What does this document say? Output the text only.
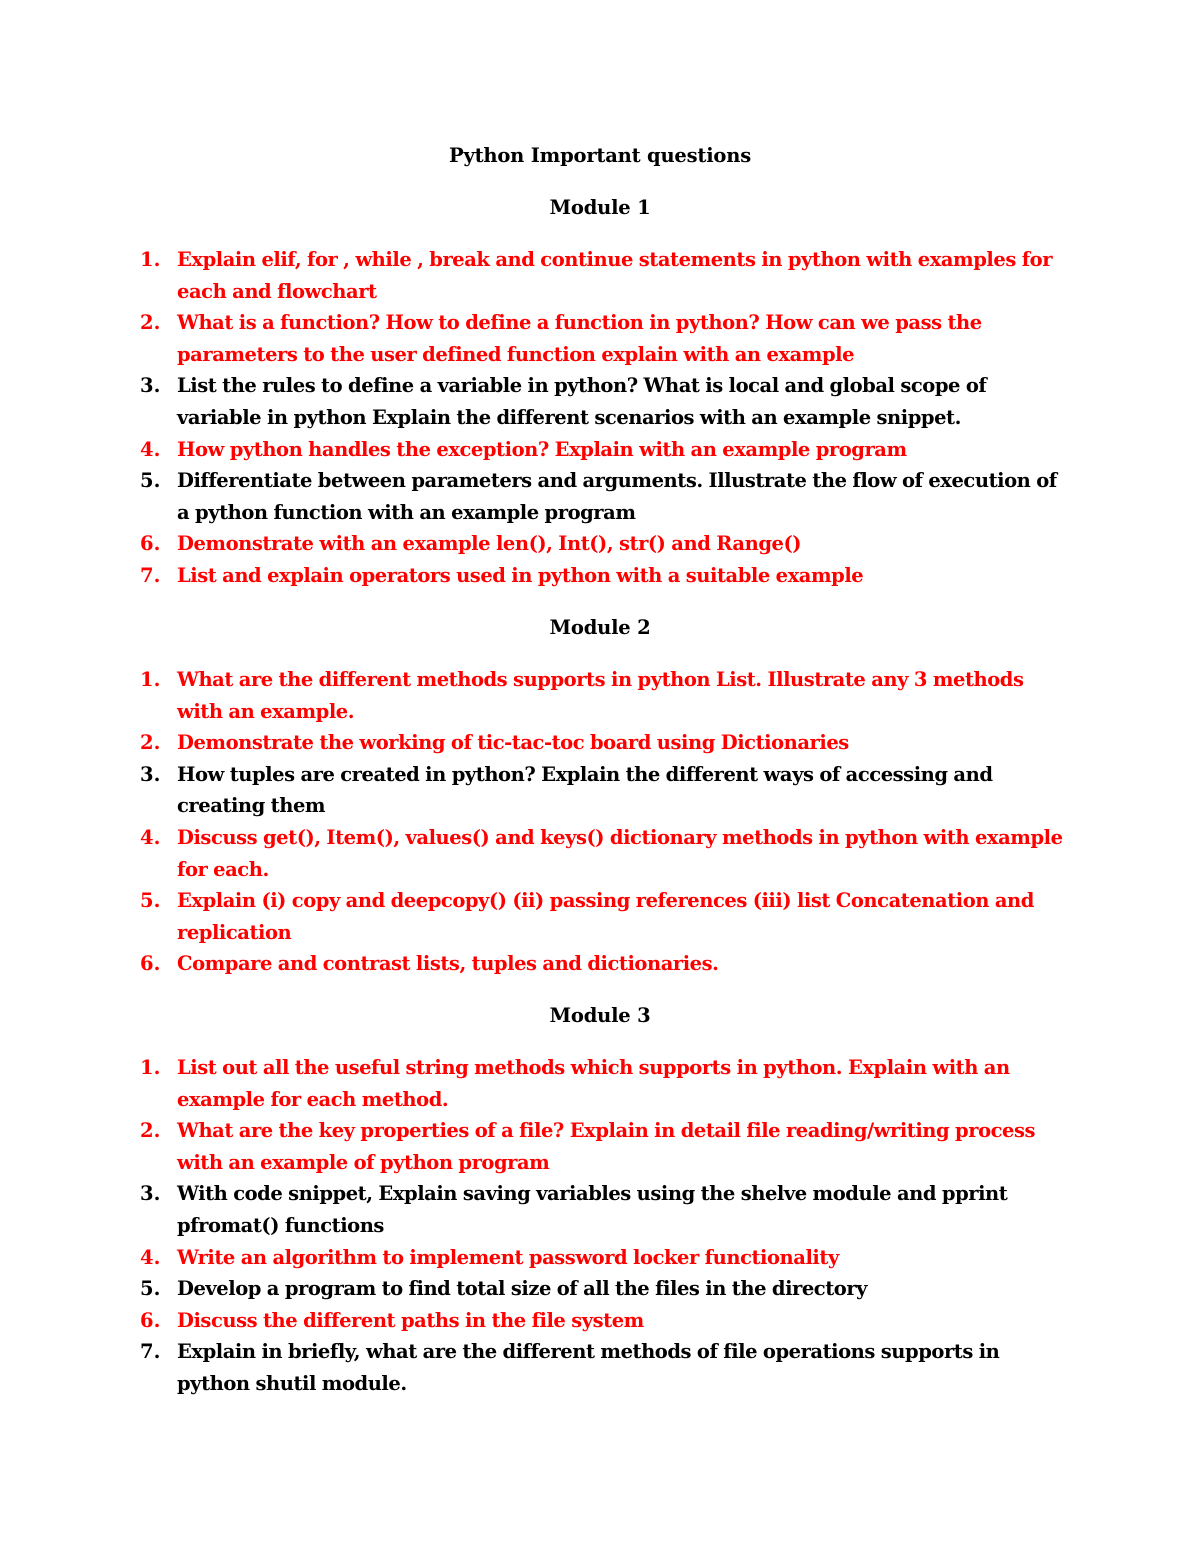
Python Important questions
Module 1
1. Explain elif, for , while , break and continue statements in python with examples for each and flowchart
2. What is a function? How to define a function in python? How can we pass the parameters to the user defined function explain with an example
3. List the rules to define a variable in python? What is local and global scope of variable in python Explain the different scenarios with an example snippet.
4. How python handles the exception? Explain with an example program
5. Differentiate between parameters and arguments. Illustrate the flow of execution of a python function with an example program
6. Demonstrate with an example len(), Int(), str() and Range()
7. List and explain operators used in python with a suitable example
Module 2
1. What are the different methods supports in python List. Illustrate any 3 methods with an example.
2. Demonstrate the working of tic-tac-toc board using Dictionaries
3. How tuples are created in python? Explain the different ways of accessing and creating them
4. Discuss get(), Item(), values() and keys() dictionary methods in python with example for each.
5. Explain (i) copy and deepcopy() (ii) passing references (iii) list Concatenation and replication
6. Compare and contrast lists, tuples and dictionaries.
Module 3
1. List out all the useful string methods which supports in python. Explain with an example for each method.
2. What are the key properties of a file? Explain in detail file reading/writing process with an example of python program
3. With code snippet, Explain saving variables using the shelve module and pprint pfromat() functions
4. Write an algorithm to implement password locker functionality
5. Develop a program to find total size of all the files in the directory
6. Discuss the different paths in the file system
7. Explain in briefly, what are the different methods of file operations supports in python shutil module.
